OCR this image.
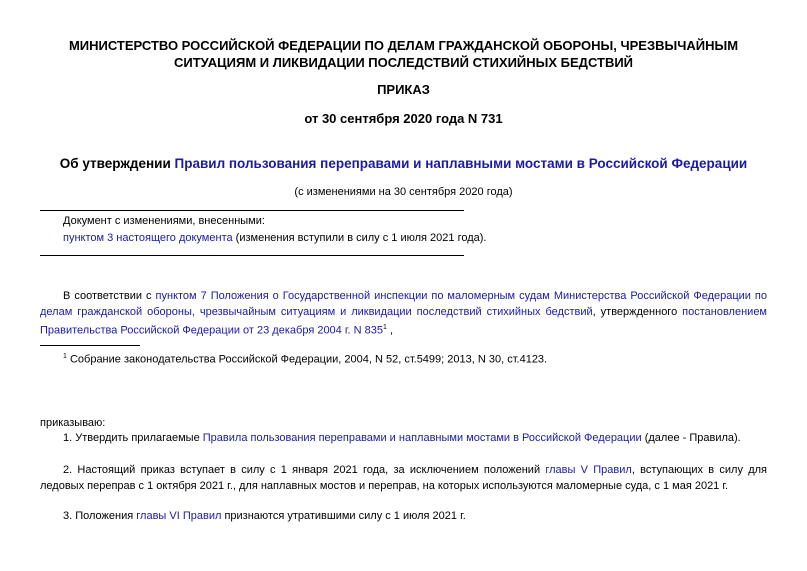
МИНИСТЕРСТВО РОССИЙСКОЙ ФЕДЕРАЦИИ ПО ДЕЛАМ ГРАЖДАНСКОЙ ОБОРОНЫ, ЧРЕЗВЫЧАЙНЫМ
СИТУАЦИЯМ И ЛИКВИДАЦИИ ПОСЛЕДСТВИЙ СТИХИЙНЫХ БЕДСТВИЙ
ПРИКАЗ
от 30 сентября 2020 года N 731
Об утверждении Правил пользования переправами и наплавными мостами в Российской Федерации
(с изменениями на 30 сентября 2020 года)
Документ с изменениями, внесенными:
пунктом 3 настоящего документа (изменения вступили в силу с 1 июля 2021 года).
В соответствии с пунктом 7 Положения о Государственной инспекции по маломерным судам Министерства Российской Федерации по делам гражданской обороны, чрезвычайным ситуациям и ликвидации последствий стихийных бедствий, утвержденного постановлением Правительства Российской Федерации от 23 декабря 2004 г. N $835^1$ ,
$^1$ Собрание законодательства Российской Федерации, 2004, N 52, ст.5499; 2013, N 30, ст.4123.
приказываю:
1. Утвердить прилагаемые Правила пользования переправами и наплавными мостами в Российской Федерации (далее - Правила).
2. Настоящий приказ вступает в силу с 1 января 2021 года, за исключением положений главы V Правил, вступающих в силу для ледовых переправ с 1 октября 2021 г., для наплавных мостов и переправ, на которых используются маломерные суда, с 1 мая 2021 г.
3. Положения главы VI Правил признаются утратившими силу с 1 июля 2021 г.
